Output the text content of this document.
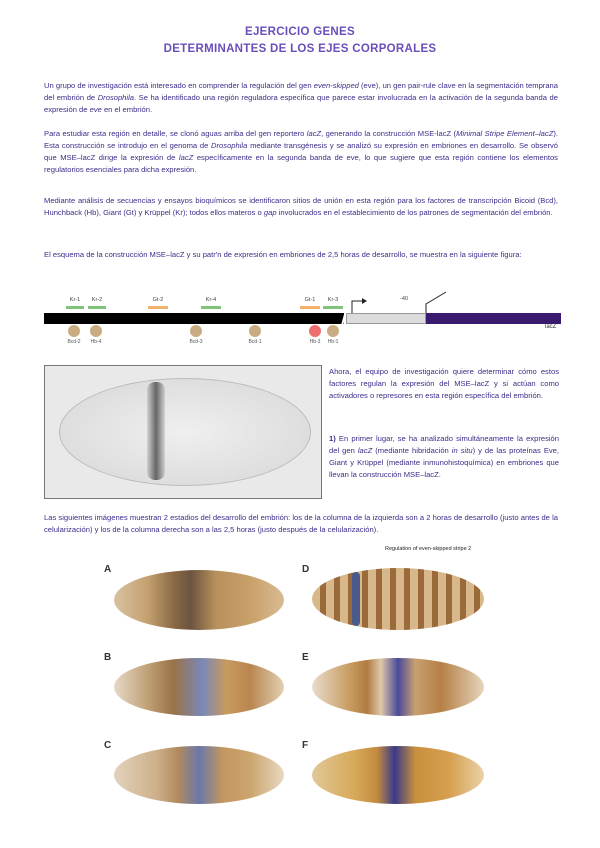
EJERCICIO GENES
DETERMINANTES DE LOS EJES CORPORALES
Un grupo de investigación está interesado en comprender la regulación del gen even-skipped (eve), un gen pair-rule clave en la segmentación temprana del embrión de Drosophila. Se ha identificado una región reguladora específica que parece estar involucrada en la activación de la segunda banda de expresión de eve en el embrión.
Para estudiar esta región en detalle, se clonó aguas arriba del gen reportero lacZ, generando la construcción MSE-lacZ (Minimal Stripe Element–lacZ). Esta construcción se introdujo en el genoma de Drosophila mediante transgénesis y se analizó su expresión en embriones en desarrollo. Se observó que MSE–lacZ dirige la expresión de lacZ específicamente en la segunda banda de eve, lo que sugiere que esta región contiene los elementos regulatorios esenciales para dicha expresión.
Mediante análisis de secuencias y ensayos bioquímicos se identificaron sitios de unión en esta región para los factores de transcripción Bicoid (Bcd), Hunchback (Hb), Giant (Gt) y Krüppel (Kr); todos ellos materos o gap involucrados en el establecimiento de los patrones de segmentación del embrión.
El esquema de la construcción MSE–lacZ y su patr'n de expresión en embriones de 2,5 horas de desarrollo, se muestra en la siguiente figura:
Kr-1	Kr-2	Gt-2	Kr-4	Gt-1	Kr-3
lacZ
-40
Bcd-2	Hb-4	Bcd-3	Bcd-1	Hb-3	Hb-1
Ahora, el equipo de investigación quiere determinar cómo estos factores regulan la expresión del MSE–lacZ y si actúan como activadores o represores en esta región específica del embrión.
1) En primer lugar, se ha analizado simultáneamente la expresión del gen lacZ (mediante hibridación in situ) y de las proteínas Eve, Giant y Krüppel (mediante inmunohistoquímica) en embriones que llevan la construcción MSE–lacZ.
Las siguientes imágenes muestran 2 estadios del desarrollo del embrión: los de la columna de la izquierda son a 2 horas de desarrollo (justo antes de la celularización) y los de la columna derecha son a las 2,5 horas (justo después de la celularización).
Regulation of even-skipped stripe 2
A
B
C
D
E
F
